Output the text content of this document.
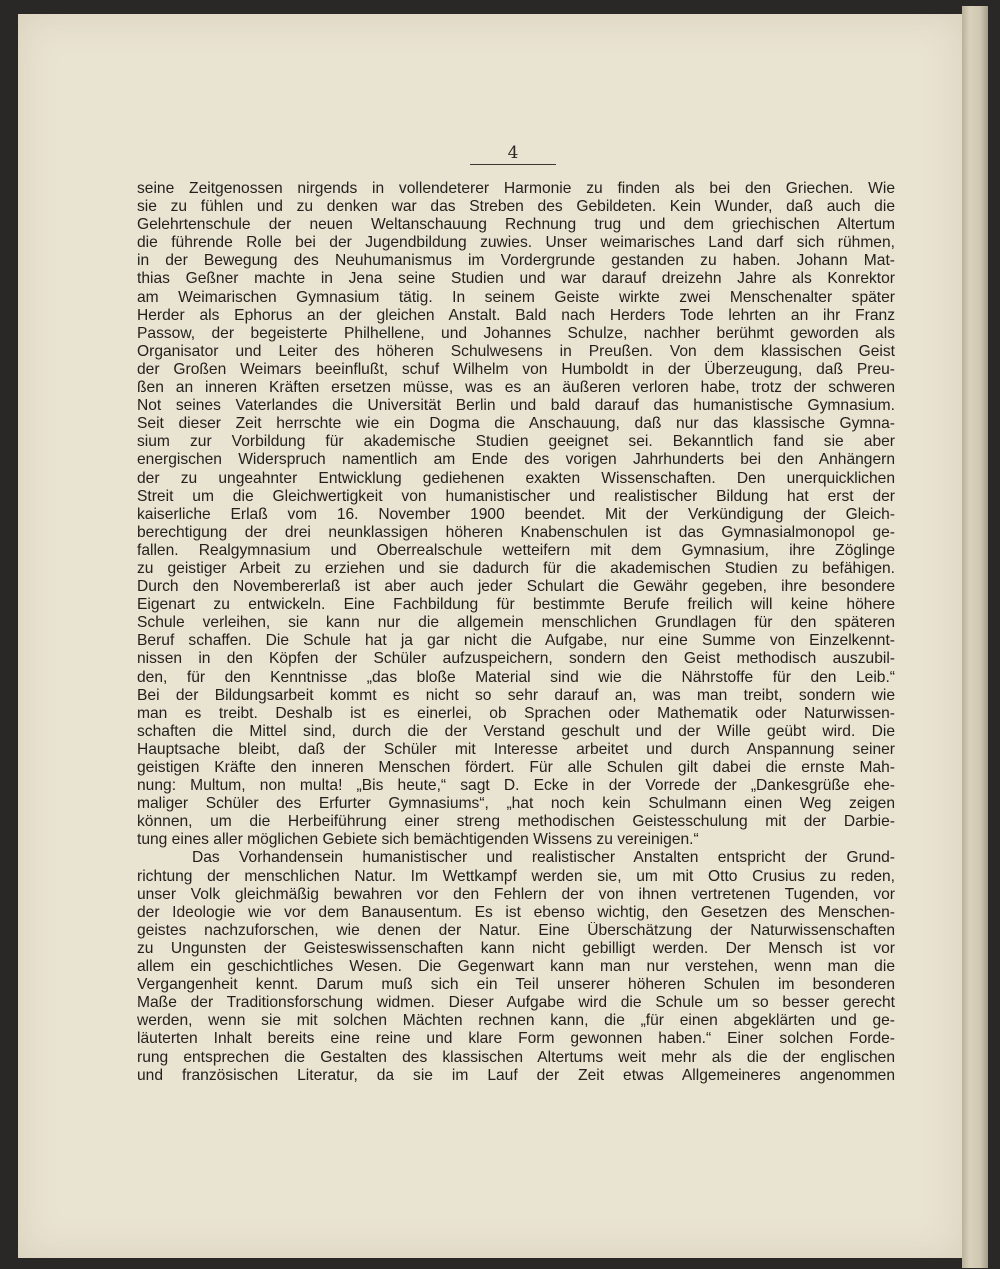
4
seine Zeitgenossen nirgends in vollendeterer Harmonie zu finden als bei den Griechen. Wie
sie zu fühlen und zu denken war das Streben des Gebildeten. Kein Wunder, daß auch die
Gelehrtenschule der neuen Weltanschauung Rechnung trug und dem griechischen Altertum
die führende Rolle bei der Jugendbildung zuwies. Unser weimarisches Land darf sich rühmen,
in der Bewegung des Neuhumanismus im Vordergrunde gestanden zu haben. Johann Mat-
thias Geßner machte in Jena seine Studien und war darauf dreizehn Jahre als Konrektor
am Weimarischen Gymnasium tätig. In seinem Geiste wirkte zwei Menschenalter später
Herder als Ephorus an der gleichen Anstalt. Bald nach Herders Tode lehrten an ihr Franz
Passow, der begeisterte Philhellene, und Johannes Schulze, nachher berühmt geworden als
Organisator und Leiter des höheren Schulwesens in Preußen. Von dem klassischen Geist
der Großen Weimars beeinflußt, schuf Wilhelm von Humboldt in der Überzeugung, daß Preu-
ßen an inneren Kräften ersetzen müsse, was es an äußeren verloren habe, trotz der schweren
Not seines Vaterlandes die Universität Berlin und bald darauf das humanistische Gymnasium.
Seit dieser Zeit herrschte wie ein Dogma die Anschauung, daß nur das klassische Gymna-
sium zur Vorbildung für akademische Studien geeignet sei. Bekanntlich fand sie aber
energischen Widerspruch namentlich am Ende des vorigen Jahrhunderts bei den Anhängern
der zu ungeahnter Entwicklung gediehenen exakten Wissenschaften. Den unerquicklichen
Streit um die Gleichwertigkeit von humanistischer und realistischer Bildung hat erst der
kaiserliche Erlaß vom 16. November 1900 beendet. Mit der Verkündigung der Gleich-
berechtigung der drei neunklassigen höheren Knabenschulen ist das Gymnasialmonopol ge-
fallen. Realgymnasium und Oberrealschule wetteifern mit dem Gymnasium, ihre Zöglinge
zu geistiger Arbeit zu erziehen und sie dadurch für die akademischen Studien zu befähigen.
Durch den Novembererlaß ist aber auch jeder Schulart die Gewähr gegeben, ihre besondere
Eigenart zu entwickeln. Eine Fachbildung für bestimmte Berufe freilich will keine höhere
Schule verleihen, sie kann nur die allgemein menschlichen Grundlagen für den späteren
Beruf schaffen. Die Schule hat ja gar nicht die Aufgabe, nur eine Summe von Einzelkennt-
nissen in den Köpfen der Schüler aufzuspeichern, sondern den Geist methodisch auszubil-
den, für den Kenntnisse „das bloße Material sind wie die Nährstoffe für den Leib.“
Bei der Bildungsarbeit kommt es nicht so sehr darauf an, was man treibt, sondern wie
man es treibt. Deshalb ist es einerlei, ob Sprachen oder Mathematik oder Naturwissen-
schaften die Mittel sind, durch die der Verstand geschult und der Wille geübt wird. Die
Hauptsache bleibt, daß der Schüler mit Interesse arbeitet und durch Anspannung seiner
geistigen Kräfte den inneren Menschen fördert. Für alle Schulen gilt dabei die ernste Mah-
nung: Multum, non multa! „Bis heute,“ sagt D. Ecke in der Vorrede der „Dankesgrüße ehe-
maliger Schüler des Erfurter Gymnasiums“, „hat noch kein Schulmann einen Weg zeigen
können, um die Herbeiführung einer streng methodischen Geistesschulung mit der Darbie-
tung eines aller möglichen Gebiete sich bemächtigenden Wissens zu vereinigen.“
Das Vorhandensein humanistischer und realistischer Anstalten entspricht der Grund-
richtung der menschlichen Natur. Im Wettkampf werden sie, um mit Otto Crusius zu reden,
unser Volk gleichmäßig bewahren vor den Fehlern der von ihnen vertretenen Tugenden, vor
der Ideologie wie vor dem Banausentum. Es ist ebenso wichtig, den Gesetzen des Menschen-
geistes nachzuforschen, wie denen der Natur. Eine Überschätzung der Naturwissenschaften
zu Ungunsten der Geisteswissenschaften kann nicht gebilligt werden. Der Mensch ist vor
allem ein geschichtliches Wesen. Die Gegenwart kann man nur verstehen, wenn man die
Vergangenheit kennt. Darum muß sich ein Teil unserer höheren Schulen im besonderen
Maße der Traditionsforschung widmen. Dieser Aufgabe wird die Schule um so besser gerecht
werden, wenn sie mit solchen Mächten rechnen kann, die „für einen abgeklärten und ge-
läuterten Inhalt bereits eine reine und klare Form gewonnen haben.“ Einer solchen Forde-
rung entsprechen die Gestalten des klassischen Altertums weit mehr als die der englischen
und französischen Literatur, da sie im Lauf der Zeit etwas Allgemeineres angenommen
